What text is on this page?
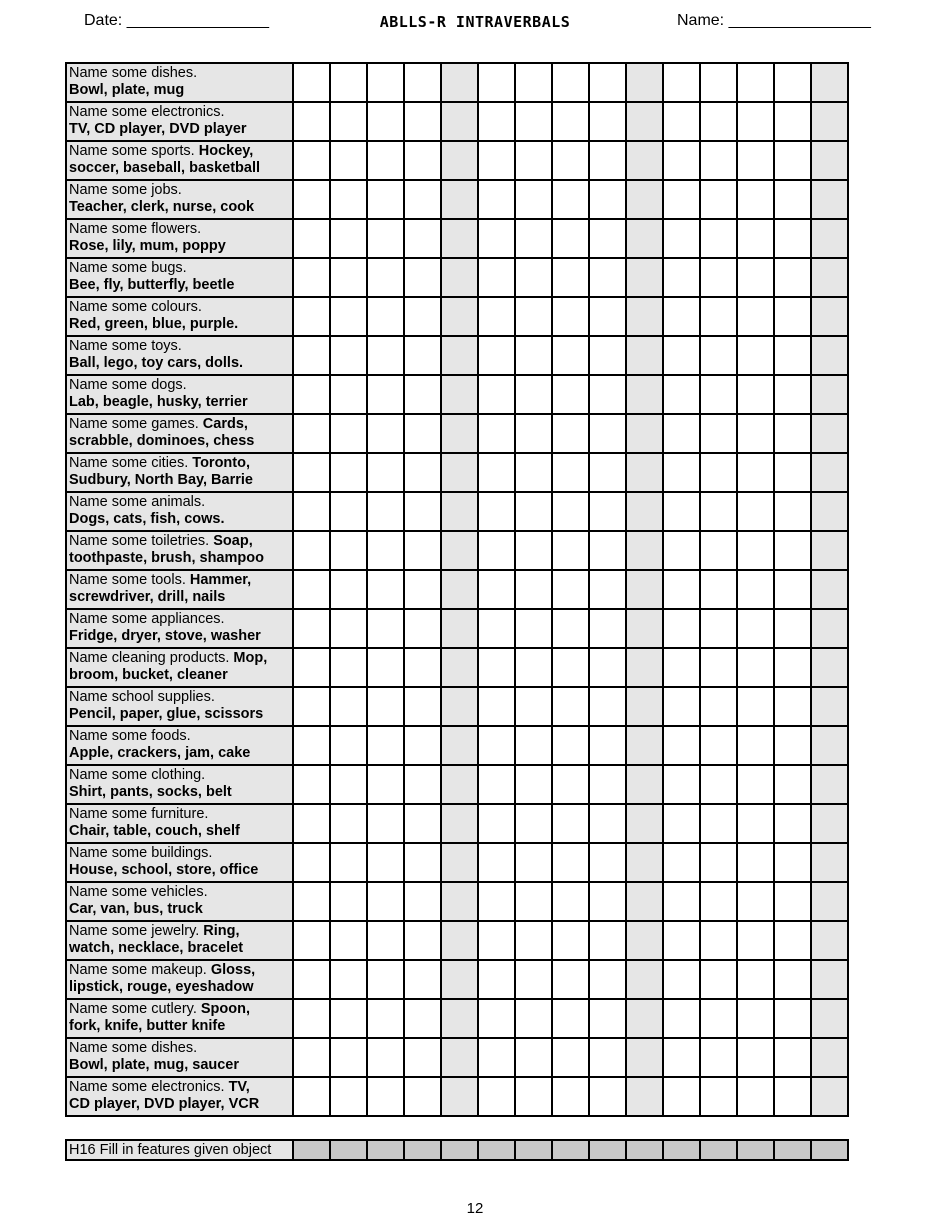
Date: ________________	ABLLS-R INTRAVERBALS	Name: ________________
Name some dishes.
Bowl, plate, mug															
Name some electronics.
TV, CD player, DVD player															
Name some sports. Hockey,
soccer, baseball, basketball															
Name some jobs.
Teacher, clerk, nurse, cook															
Name some flowers.
Rose, lily, mum, poppy															
Name some bugs.
Bee, fly, butterfly, beetle															
Name some colours.
Red, green, blue, purple.															
Name some toys.
Ball, lego, toy cars, dolls.															
Name some dogs.
Lab, beagle, husky, terrier															
Name some games. Cards,
scrabble, dominoes, chess															
Name some cities. Toronto,
Sudbury, North Bay, Barrie															
Name some animals.
Dogs, cats, fish, cows.															
Name some toiletries. Soap,
toothpaste, brush, shampoo															
Name some tools. Hammer,
screwdriver, drill, nails															
Name some appliances.
Fridge, dryer, stove, washer															
Name cleaning products. Mop,
broom, bucket, cleaner															
Name school supplies.
Pencil, paper, glue, scissors															
Name some foods.
Apple, crackers, jam, cake															
Name some clothing.
Shirt, pants, socks, belt															
Name some furniture.
Chair, table, couch, shelf															
Name some buildings.
House, school, store, office															
Name some vehicles.
Car, van, bus, truck															
Name some jewelry. Ring,
watch, necklace, bracelet															
Name some makeup. Gloss,
lipstick, rouge, eyeshadow															
Name some cutlery. Spoon,
fork, knife, butter knife															
Name some dishes.
Bowl, plate, mug, saucer															
Name some electronics. TV,
CD player, DVD player, VCR															
H16 Fill in features given object															
12
